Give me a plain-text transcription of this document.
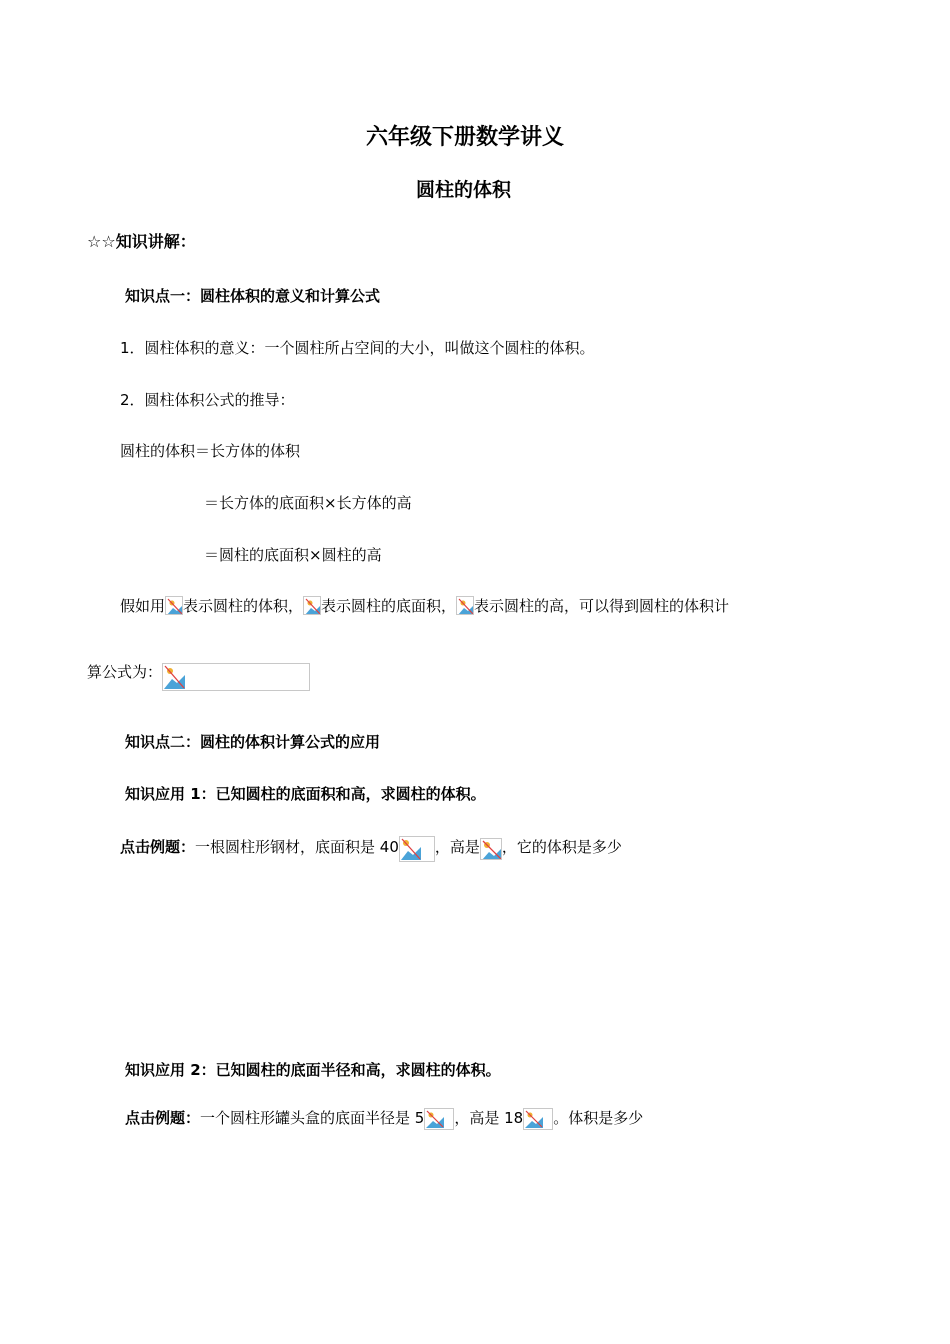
六年级下册数学讲义
圆柱的体积
☆☆知识讲解：
知识点一：圆柱体积的意义和计算公式
1．圆柱体积的意义：一个圆柱所占空间的大小，叫做这个圆柱的体积。
2．圆柱体积公式的推导：
圆柱的体积＝长方体的体积
＝长方体的底面积×长方体的高
＝圆柱的底面积×圆柱的高
假如用 表示圆柱的体积， 表示圆柱的底面积， 表示圆柱的高，可以得到圆柱的体积计
算公式为：
知识点二：圆柱的体积计算公式的应用
知识应用 1：已知圆柱的底面积和高，求圆柱的体积。
点击例题：一根圆柱形钢材，底面积是 40 ，高是 ，它的体积是多少
知识应用 2：已知圆柱的底面半径和高，求圆柱的体积。
点击例题：一个圆柱形罐头盒的底面半径是 5 ，高是 18 。体积是多少
